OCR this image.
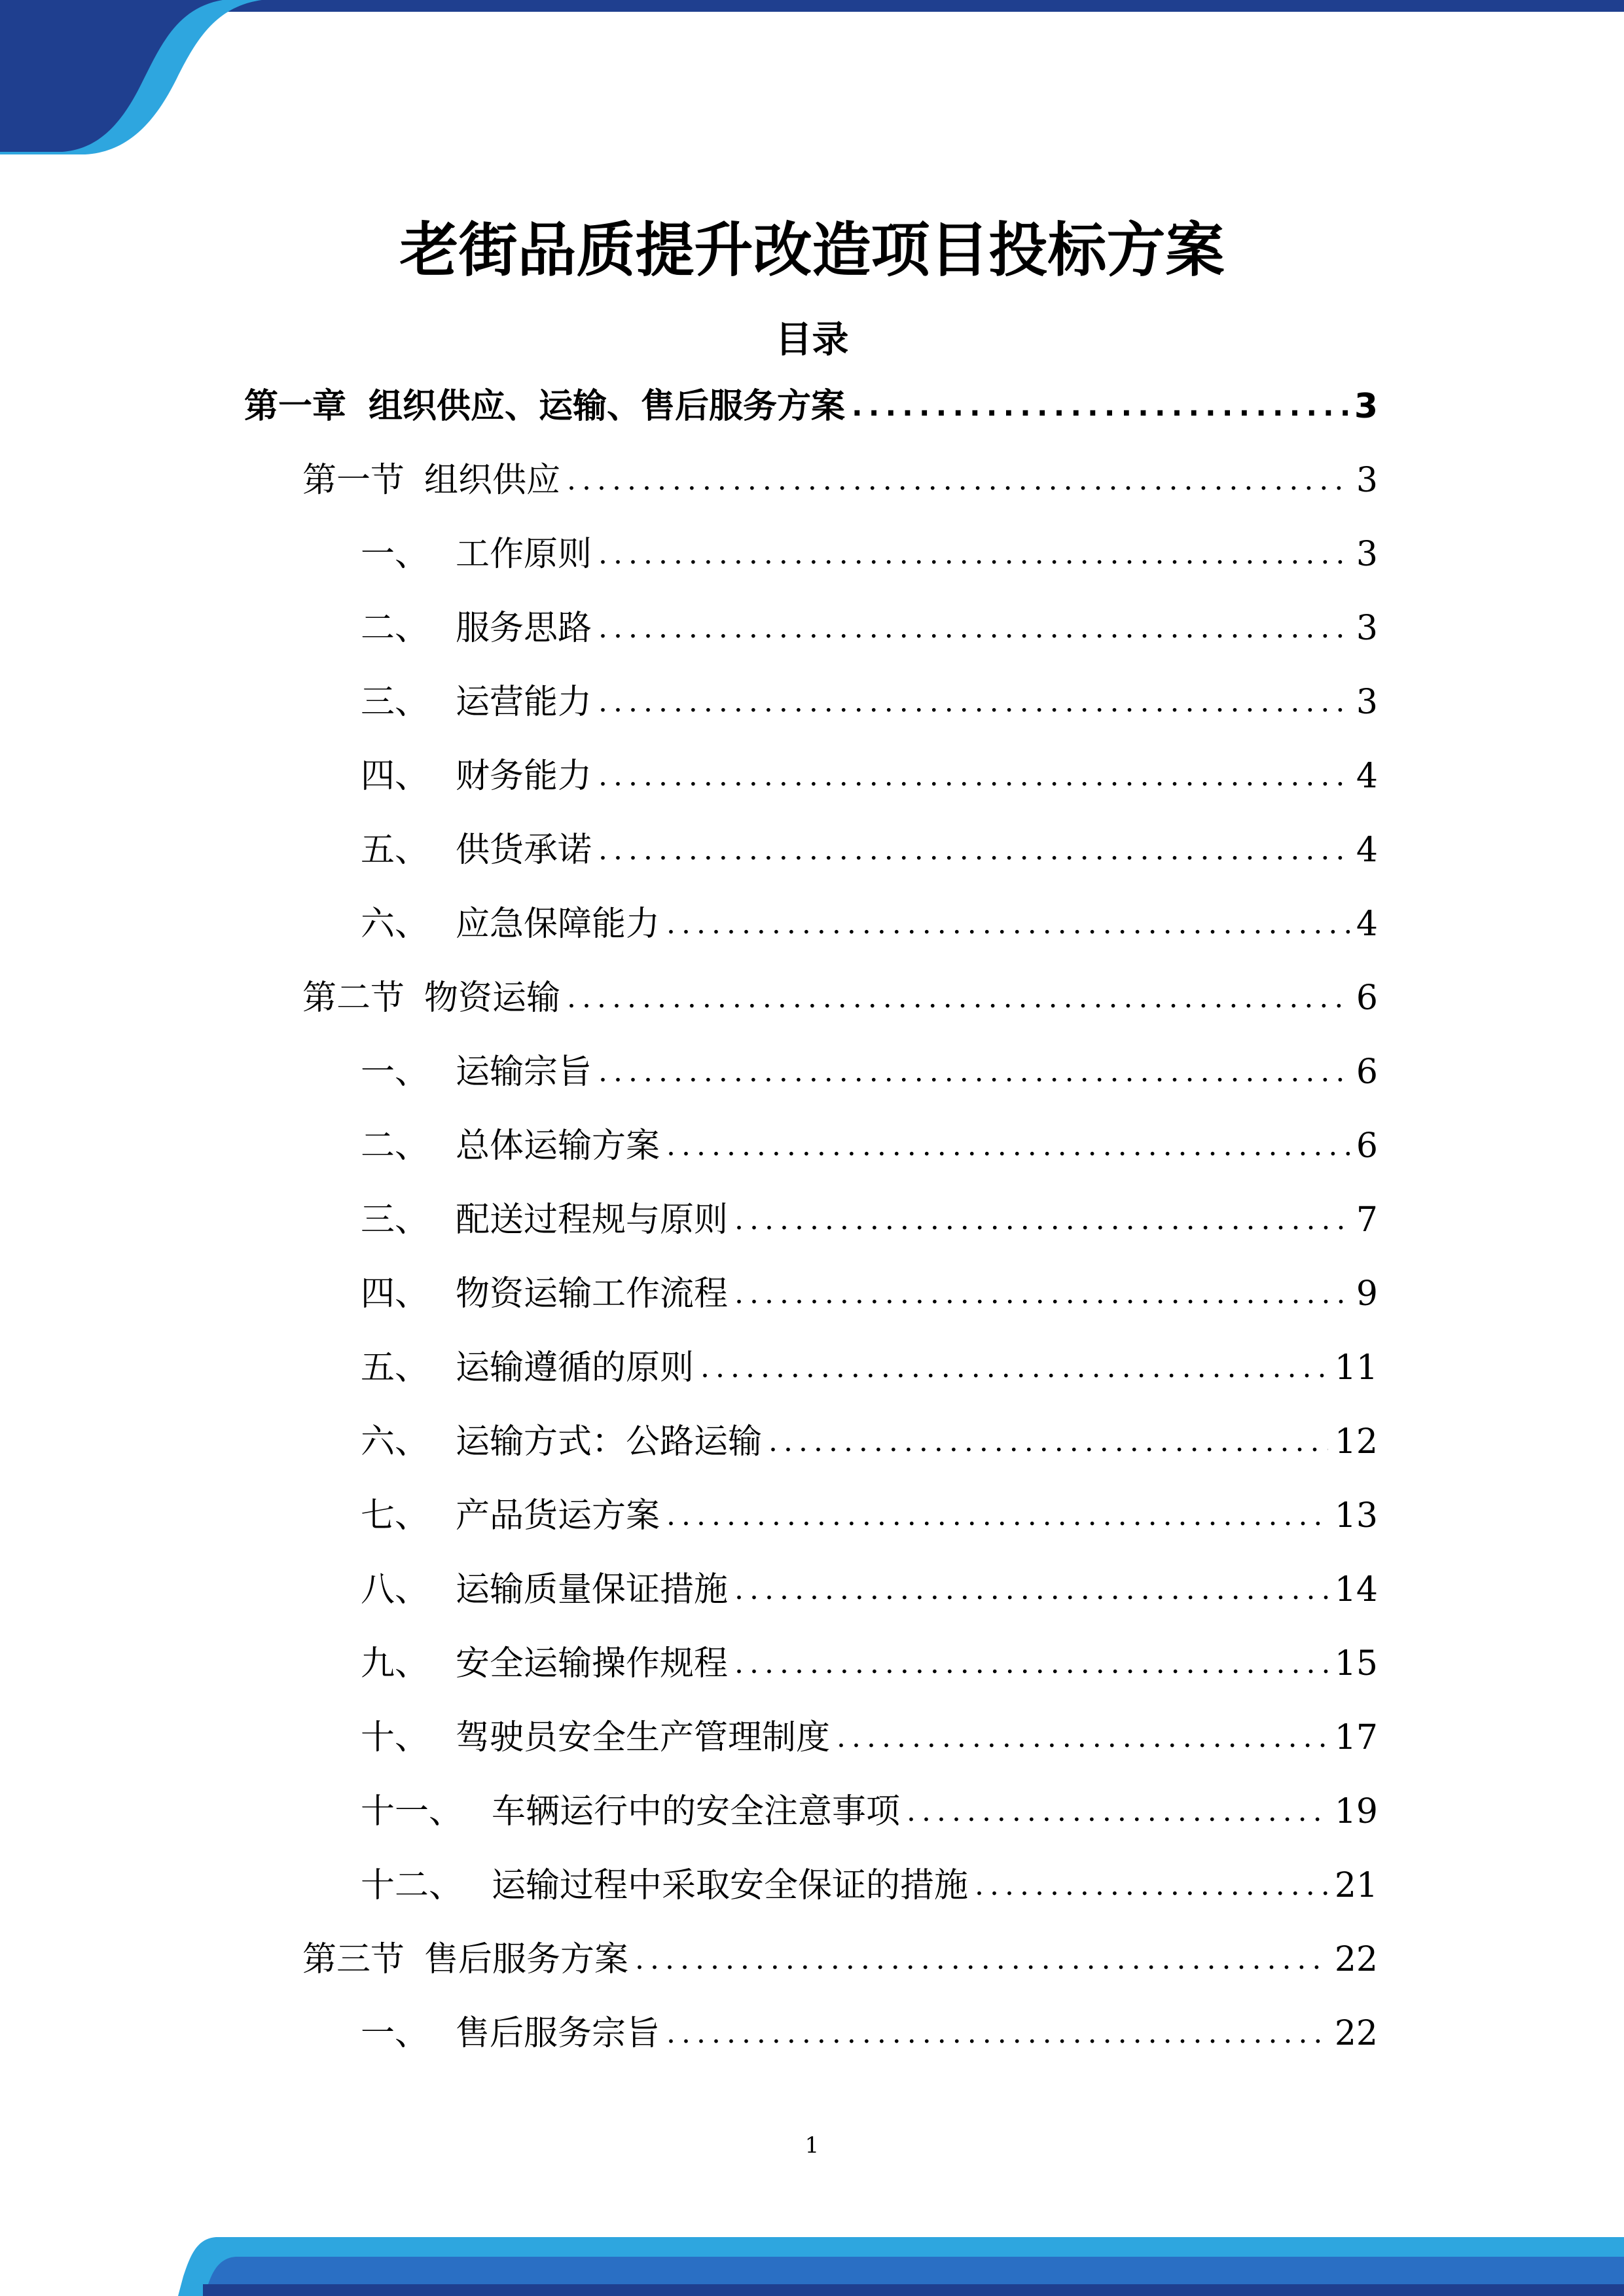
老街品质提升改造项目投标方案
目录
第一章 组织供应、运输、售后服务方案 .....	3
第一节 组织供应 .....	3
一、 工作原则 .....	3
二、 服务思路 .....	3
三、 运营能力 .....	3
四、 财务能力 .....	4
五、 供货承诺 .....	4
六、 应急保障能力 .....	4
第二节 物资运输 .....	6
一、 运输宗旨 .....	6
二、 总体运输方案 .....	6
三、 配送过程规与原则 .....	7
四、 物资运输工作流程 .....	9
五、 运输遵循的原则 .....	11
六、 运输方式：公路运输 .....	12
七、 产品货运方案 .....	13
八、 运输质量保证措施 .....	14
九、 安全运输操作规程 .....	15
十、 驾驶员安全生产管理制度 .....	17
十一、 车辆运行中的安全注意事项 .....	19
十二、 运输过程中采取安全保证的措施 .....	21
第三节 售后服务方案 .....	22
一、 售后服务宗旨 .....	22
1
